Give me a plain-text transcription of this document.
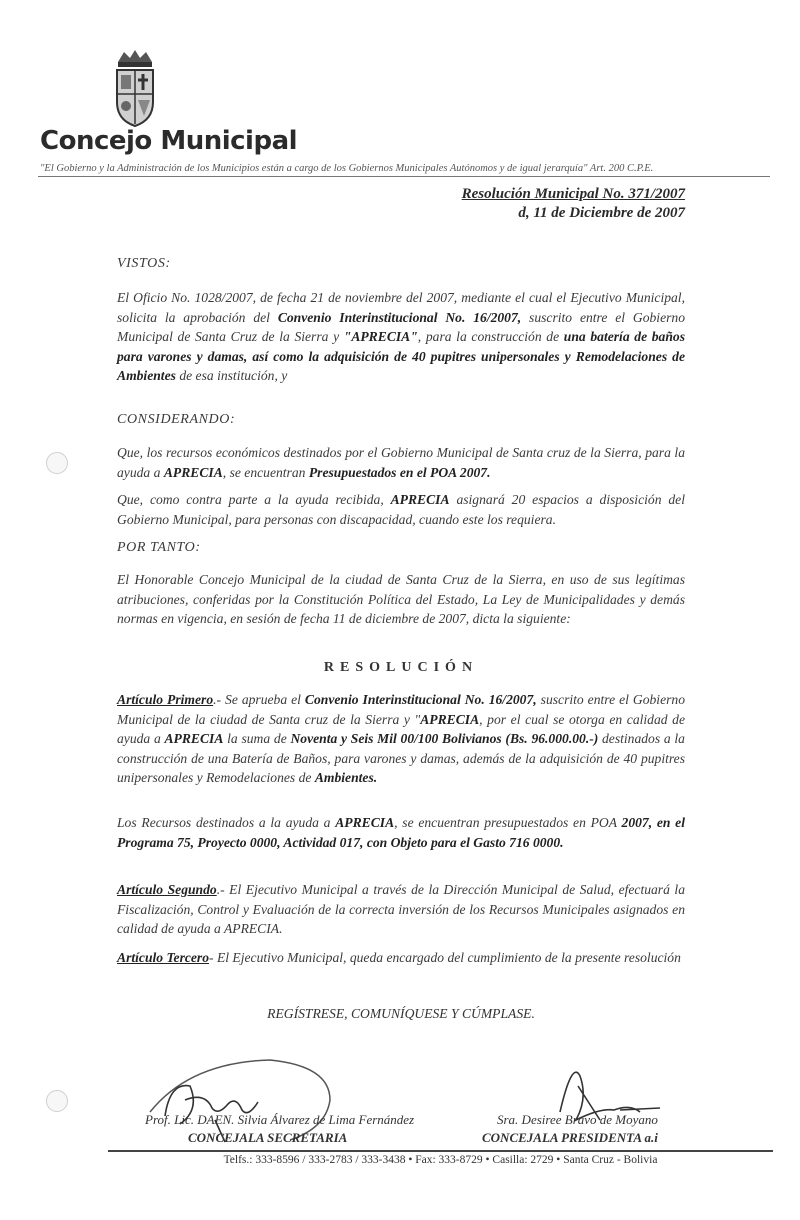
Concejo Municipal
"El Gobierno y la Administración de los Municipios están a cargo de los Gobiernos Municipales Autónomos y de igual jerarquía" Art. 200 C.P.E.
Resolución Municipal No. 371/2007
d, 11 de Diciembre de 2007
VISTOS:

El Oficio No. 1028/2007, de fecha 21 de noviembre del 2007, mediante el cual el Ejecutivo Municipal, solicita la aprobación del Convenio Interinstitucional No. 16/2007, suscrito entre el Gobierno Municipal de Santa Cruz de la Sierra y "APRECIA", para la construcción de una batería de baños para varones y damas, así como la adquisición de 40 pupitres unipersonales y Remodelaciones de Ambientes de esa institución, y

CONSIDERANDO:

Que, los recursos económicos destinados por el Gobierno Municipal de Santa cruz de la Sierra, para la ayuda a APRECIA, se encuentran Presupuestados en el POA 2007.

Que, como contra parte a la ayuda recibida, APRECIA asignará 20 espacios a disposición del Gobierno Municipal, para personas con discapacidad, cuando este los requiera.

POR TANTO:

El Honorable Concejo Municipal de la ciudad de Santa Cruz de la Sierra, en uso de sus legítimas atribuciones, conferidas por la Constitución Política del Estado, La Ley de Municipalidades y demás normas en vigencia, en sesión de fecha 11 de diciembre de 2007, dicta la siguiente:

RESOLUCIÓN

Artículo Primero.- Se aprueba el Convenio Interinstitucional No. 16/2007, suscrito entre el Gobierno Municipal de la ciudad de Santa cruz de la Sierra y "APRECIA, por el cual se otorga en calidad de ayuda a APRECIA la suma de Noventa y Seis Mil 00/100 Bolivianos (Bs. 96.000.00.-) destinados a la construcción de una Batería de Baños, para varones y damas, además de la adquisición de 40 pupitres unipersonales y Remodelaciones de Ambientes.

Los Recursos destinados a la ayuda a APRECIA, se encuentran presupuestados en POA 2007, en el Programa 75, Proyecto 0000, Actividad 017, con Objeto para el Gasto 716 0000.

Artículo Segundo.- El Ejecutivo Municipal a través de la Dirección Municipal de Salud, efectuará la Fiscalización, Control y Evaluación de la correcta inversión de los Recursos Municipales asignados en calidad de ayuda a APRECIA.

Artículo Tercero- El Ejecutivo Municipal, queda encargado del cumplimiento de la presente resolución

REGÍSTRESE, COMUNÍQUESE Y CÚMPLASE.
Prof. Lic. DAEN. Silvia Álvarez de Lima Fernández
CONCEJALA SECRETARIA
Sra. Desiree Bravo de Moyano
CONCEJALA PRESIDENTA a.i
Telfs.: 333-8596 / 333-2783 / 333-3438 • Fax: 333-8729 • Casilla: 2729 • Santa Cruz - Bolivia
